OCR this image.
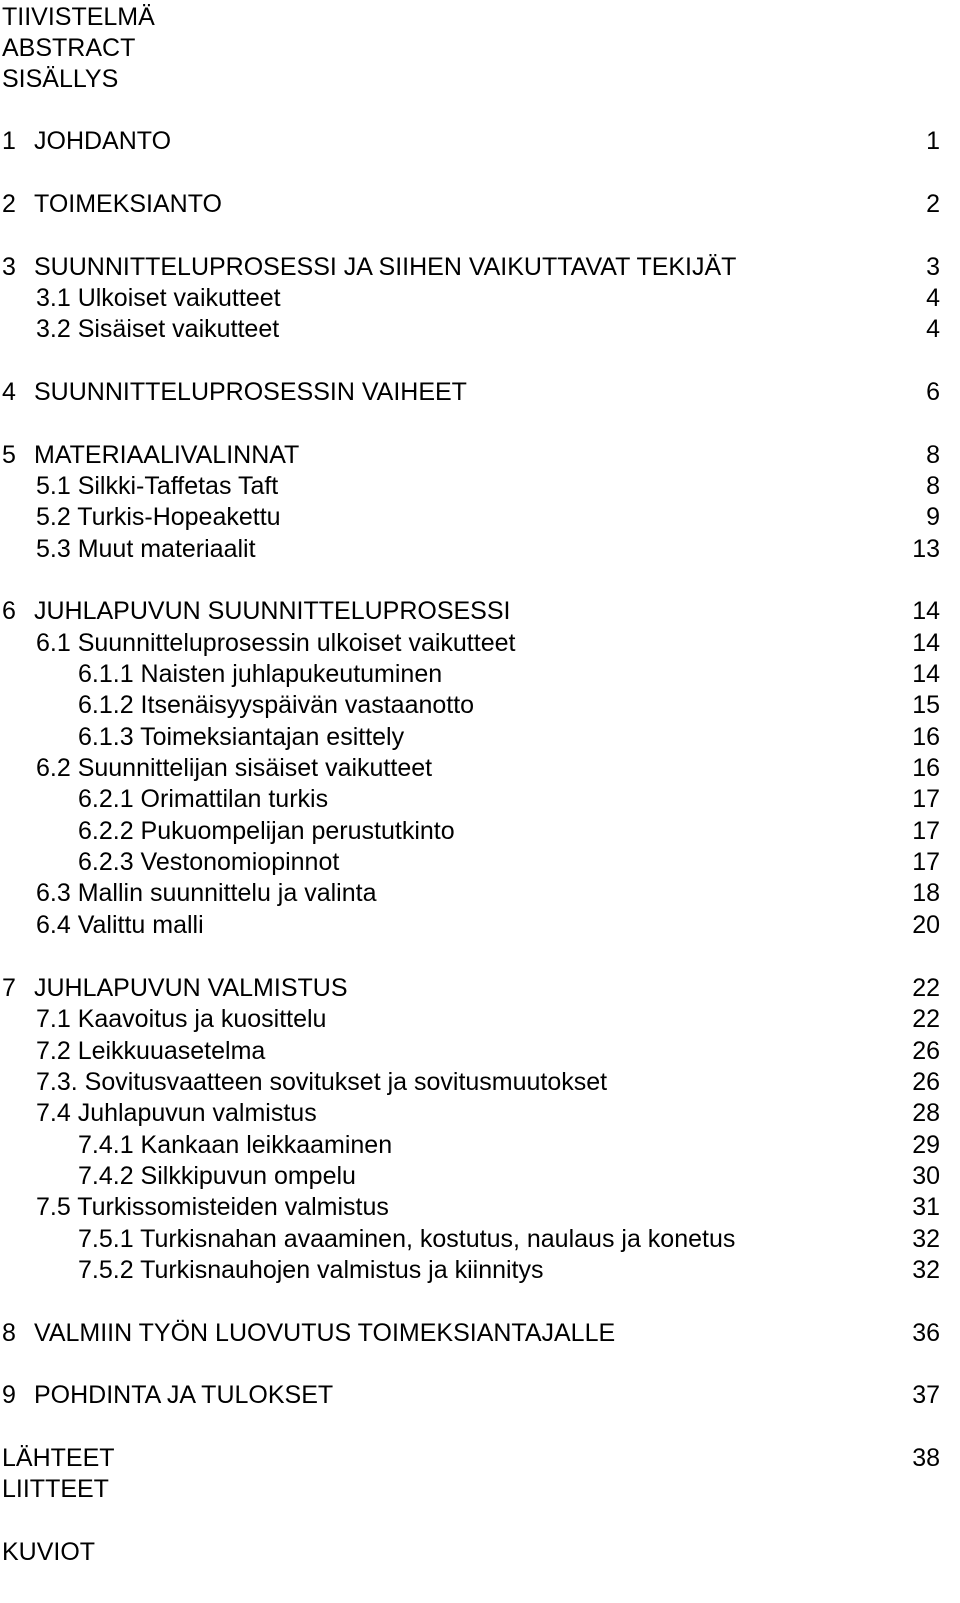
TIIVISTELMÄ
ABSTRACT
SISÄLLYS
1 JOHDANTO	1
2 TOIMEKSIANTO	2
3 SUUNNITTELUPROSESSI JA SIIHEN VAIKUTTAVAT TEKIJÄT	3
3.1 Ulkoiset vaikutteet	4
3.2 Sisäiset vaikutteet	4
4 SUUNNITTELUPROSESSIN VAIHEET	6
5 MATERIAALIVALINNAT	8
5.1 Silkki-Taffetas Taft	8
5.2 Turkis-Hopeakettu	9
5.3 Muut materiaalit	13
6 JUHLAPUVUN SUUNNITTELUPROSESSI	14
6.1 Suunnitteluprosessin ulkoiset vaikutteet	14
6.1.1 Naisten juhlapukeutuminen	14
6.1.2 Itsenäisyyspäivän vastaanotto	15
6.1.3 Toimeksiantajan esittely	16
6.2 Suunnittelijan sisäiset vaikutteet	16
6.2.1 Orimattilan turkis	17
6.2.2 Pukuompelijan perustutkinto	17
6.2.3 Vestonomiopinnot	17
6.3 Mallin suunnittelu ja valinta	18
6.4 Valittu malli	20
7 JUHLAPUVUN VALMISTUS	22
7.1 Kaavoitus ja kuosittelu	22
7.2 Leikkuuasetelma	26
7.3. Sovitusvaatteen sovitukset ja sovitusmuutokset	26
7.4 Juhlapuvun valmistus	28
7.4.1 Kankaan leikkaaminen	29
7.4.2 Silkkipuvun ompelu	30
7.5 Turkissomisteiden valmistus	31
7.5.1 Turkisnahan avaaminen, kostutus, naulaus ja konetus	32
7.5.2 Turkisnauhojen valmistus ja kiinnitys	32
8 VALMIIN TYÖN LUOVUTUS TOIMEKSIANTAJALLE	36
9 POHDINTA JA TULOKSET	37
LÄHTEET	38
LIITTEET
KUVIOT
